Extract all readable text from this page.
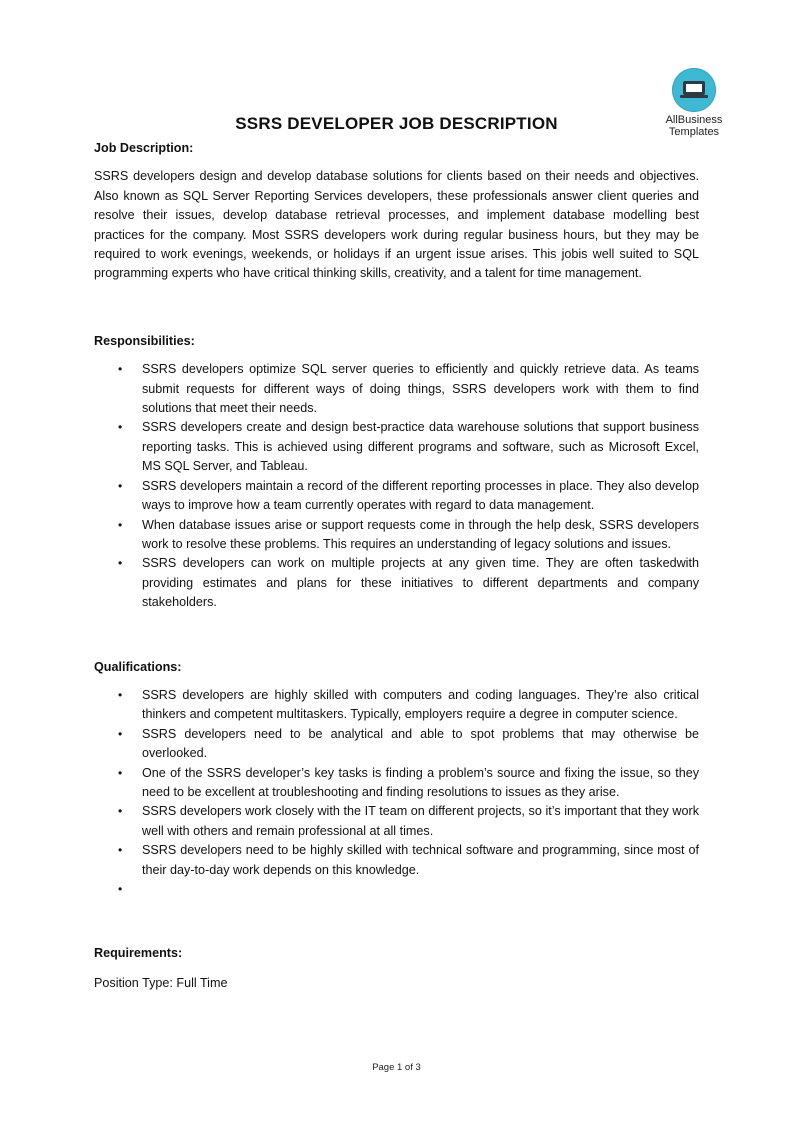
AllBusiness
Templates
SSRS DEVELOPER JOB DESCRIPTION

Job Description:

SSRS developers design and develop database solutions for clients based on their needs and objectives. Also known as SQL Server Reporting Services developers, these professionals answer client queries and resolve their issues, develop database retrieval processes, and implement database modelling best practices for the company. Most SSRS developers work during regular business hours, but they may be required to work evenings, weekends, or holidays if an urgent issue arises. This jobis well suited to SQL programming experts who have critical thinking skills, creativity, and a talent for time management.

Responsibilities:

• SSRS developers optimize SQL server queries to efficiently and quickly retrieve data. As teams submit requests for different ways of doing things, SSRS developers work with them to find solutions that meet their needs.
• SSRS developers create and design best-practice data warehouse solutions that support business reporting tasks. This is achieved using different programs and software, such as Microsoft Excel, MS SQL Server, and Tableau.
• SSRS developers maintain a record of the different reporting processes in place. They also develop ways to improve how a team currently operates with regard to data management.
• When database issues arise or support requests come in through the help desk, SSRS developers work to resolve these problems. This requires an understanding of legacy solutions and issues.
• SSRS developers can work on multiple projects at any given time. They are often taskedwith providing estimates and plans for these initiatives to different departments and company stakeholders.

Qualifications:

• SSRS developers are highly skilled with computers and coding languages. They’re also critical thinkers and competent multitaskers. Typically, employers require a degree in computer science.
• SSRS developers need to be analytical and able to spot problems that may otherwise be overlooked.
• One of the SSRS developer’s key tasks is finding a problem’s source and fixing the issue, so they need to be excellent at troubleshooting and finding resolutions to issues as they arise.
• SSRS developers work closely with the IT team on different projects, so it’s important that they work well with others and remain professional at all times.
• SSRS developers need to be highly skilled with technical software and programming, since most of their day-to-day work depends on this knowledge.
•

Requirements:

Position Type: Full Time

Page 1 of 3
